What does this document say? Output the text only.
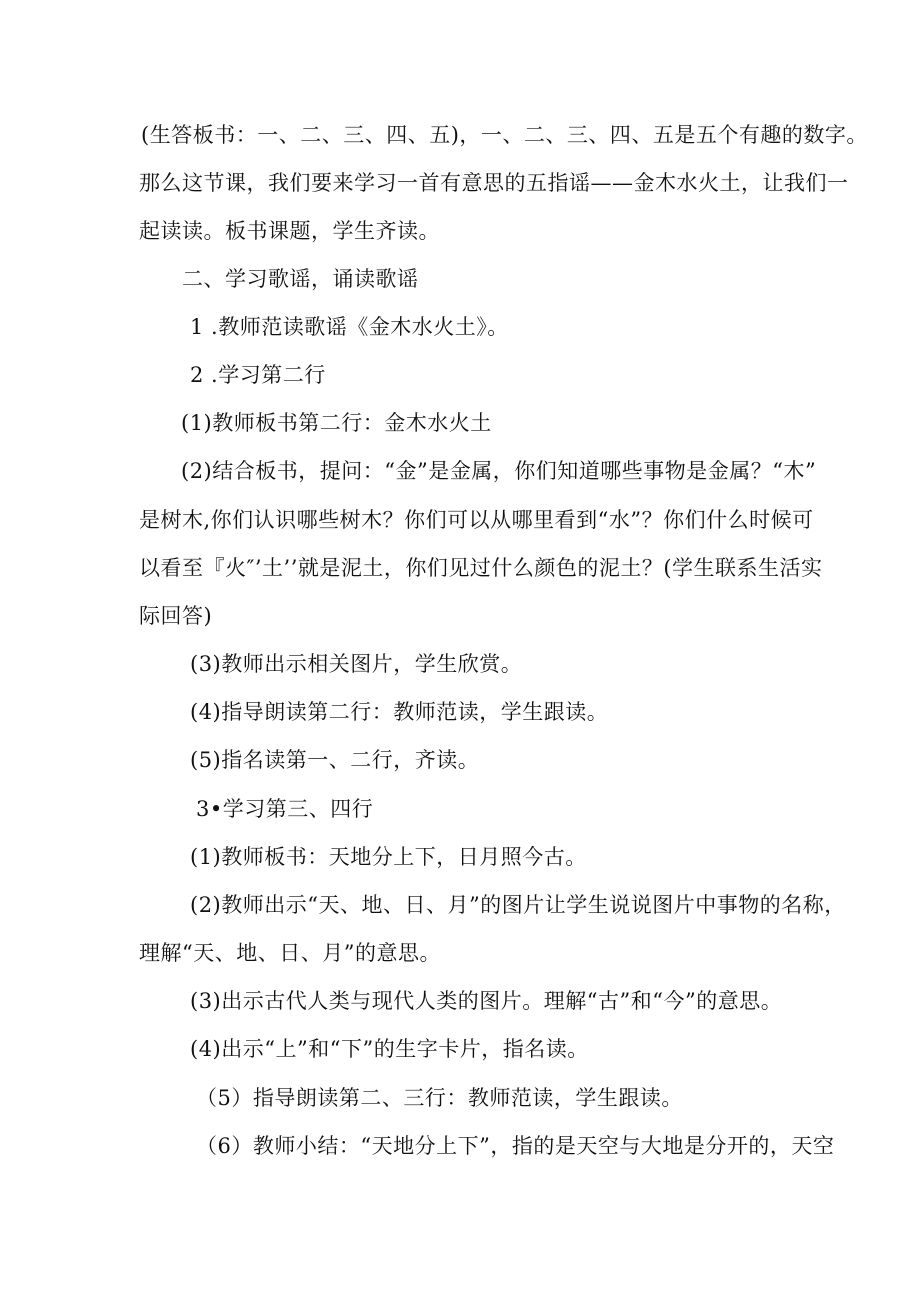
(生答板书：一、二、三、四、五)，一、二、三、四、五是五个有趣的数字。
那么这节课，我们要来学习一首有意思的五指谣——金木水火土，让我们一
起读读。板书课题，学生齐读。
二、学习歌谣，诵读歌谣
1 .教师范读歌谣《金木水火土》。
2 .学习第二行
(1)教师板书第二行：金木水火土
(2)结合板书，提问：“金”是金属，你们知道哪些事物是金属？“木”
是树木,你们认识哪些树木？你们可以从哪里看到“水”？你们什么时候可
以看至『火″’土’’就是泥土，你们见过什么颜色的泥土？(学生联系生活实
际回答)
(3)教师出示相关图片，学生欣赏。
(4)指导朗读第二行：教师范读，学生跟读。
(5)指名读第一、二行，齐读。
3•学习第三、四行
(1)教师板书：天地分上下，日月照今古。
(2)教师出示“天、地、日、月”的图片让学生说说图片中事物的名称，
理解“天、地、日、月”的意思。
(3)出示古代人类与现代人类的图片。理解“古”和“今”的意思。
(4)出示“上”和“下”的生字卡片，指名读。
（5）指导朗读第二、三行：教师范读，学生跟读。
（6）教师小结：“天地分上下”，指的是天空与大地是分开的，天空
